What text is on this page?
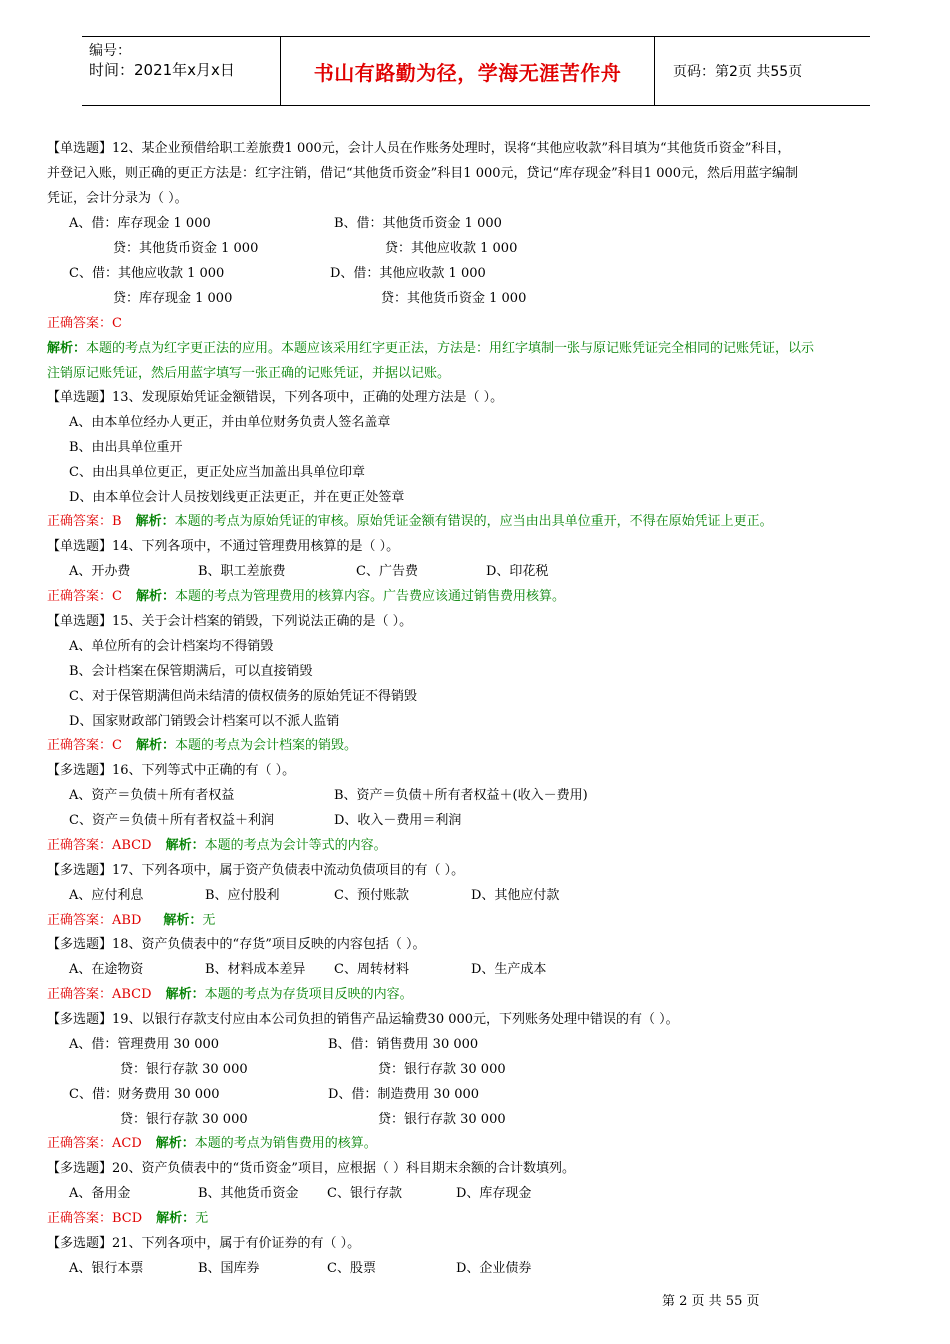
编号：
时间：2021年x月x日	书山有路勤为径，学海无涯苦作舟	页码：第2页 共55页
【单选题】12、某企业预借给职工差旅费1 000元，会计人员在作账务处理时，误将“其他应收款”科目填为“其他货币资金”科目，
并登记入账，则正确的更正方法是：红字注销，借记“其他货币资金”科目1 000元，贷记“库存现金”科目1 000元，然后用蓝字编制
凭证，会计分录为（ ）。
A、借：库存现金 1 000	B、借：其他货币资金 1 000
贷：其他货币资金 1 000	贷：其他应收款 1 000
C、借：其他应收款 1 000	D、借：其他应收款 1 000
贷：库存现金 1 000	贷：其他货币资金 1 000
正确答案：C
解析：本题的考点为红字更正法的应用。本题应该采用红字更正法，方法是：用红字填制一张与原记账凭证完全相同的记账凭证，以示
注销原记账凭证，然后用蓝字填写一张正确的记账凭证，并据以记账。
【单选题】13、发现原始凭证金额错误，下列各项中，正确的处理方法是（ ）。
A、由本单位经办人更正，并由单位财务负责人签名盖章
B、由出具单位重开
C、由出具单位更正，更正处应当加盖出具单位印章
D、由本单位会计人员按划线更正法更正，并在更正处签章
正确答案：B 解析：本题的考点为原始凭证的审核。原始凭证金额有错误的，应当由出具单位重开，不得在原始凭证上更正。
【单选题】14、下列各项中，不通过管理费用核算的是（ ）。
A、开办费	B、职工差旅费	C、广告费	D、印花税
正确答案：C 解析：本题的考点为管理费用的核算内容。广告费应该通过销售费用核算。
【单选题】15、关于会计档案的销毁，下列说法正确的是（ ）。
A、单位所有的会计档案均不得销毁
B、会计档案在保管期满后，可以直接销毁
C、对于保管期满但尚未结清的债权债务的原始凭证不得销毁
D、国家财政部门销毁会计档案可以不派人监销
正确答案：C 解析：本题的考点为会计档案的销毁。
【多选题】16、下列等式中正确的有（ ）。
A、资产＝负债＋所有者权益	B、资产＝负债＋所有者权益＋(收入－费用)
C、资产＝负债＋所有者权益＋利润	D、收入－费用＝利润
正确答案：ABCD 解析：本题的考点为会计等式的内容。
【多选题】17、下列各项中，属于资产负债表中流动负债项目的有（ ）。
A、应付利息	B、应付股利	C、预付账款	D、其他应付款
正确答案：ABD 解析：无
【多选题】18、资产负债表中的“存货”项目反映的内容包括（ ）。
A、在途物资	B、材料成本差异 C、周转材料	D、生产成本
正确答案：ABCD 解析：本题的考点为存货项目反映的内容。
【多选题】19、以银行存款支付应由本公司负担的销售产品运输费30 000元，下列账务处理中错误的有（ ）。
A、借：管理费用 30 000	B、借：销售费用 30 000
贷：银行存款 30 000	贷：银行存款 30 000
C、借：财务费用 30 000	D、借：制造费用 30 000
贷：银行存款 30 000	贷：银行存款 30 000
正确答案：ACD 解析：本题的考点为销售费用的核算。
【多选题】20、资产负债表中的“货币资金”项目，应根据（ ）科目期末余额的合计数填列。
A、备用金	B、其他货币资金 C、银行存款	D、库存现金
正确答案：BCD 解析：无
【多选题】21、下列各项中，属于有价证券的有（ ）。
A、银行本票	B、国库券	C、股票	D、企业债券
第 2 页 共 55 页
